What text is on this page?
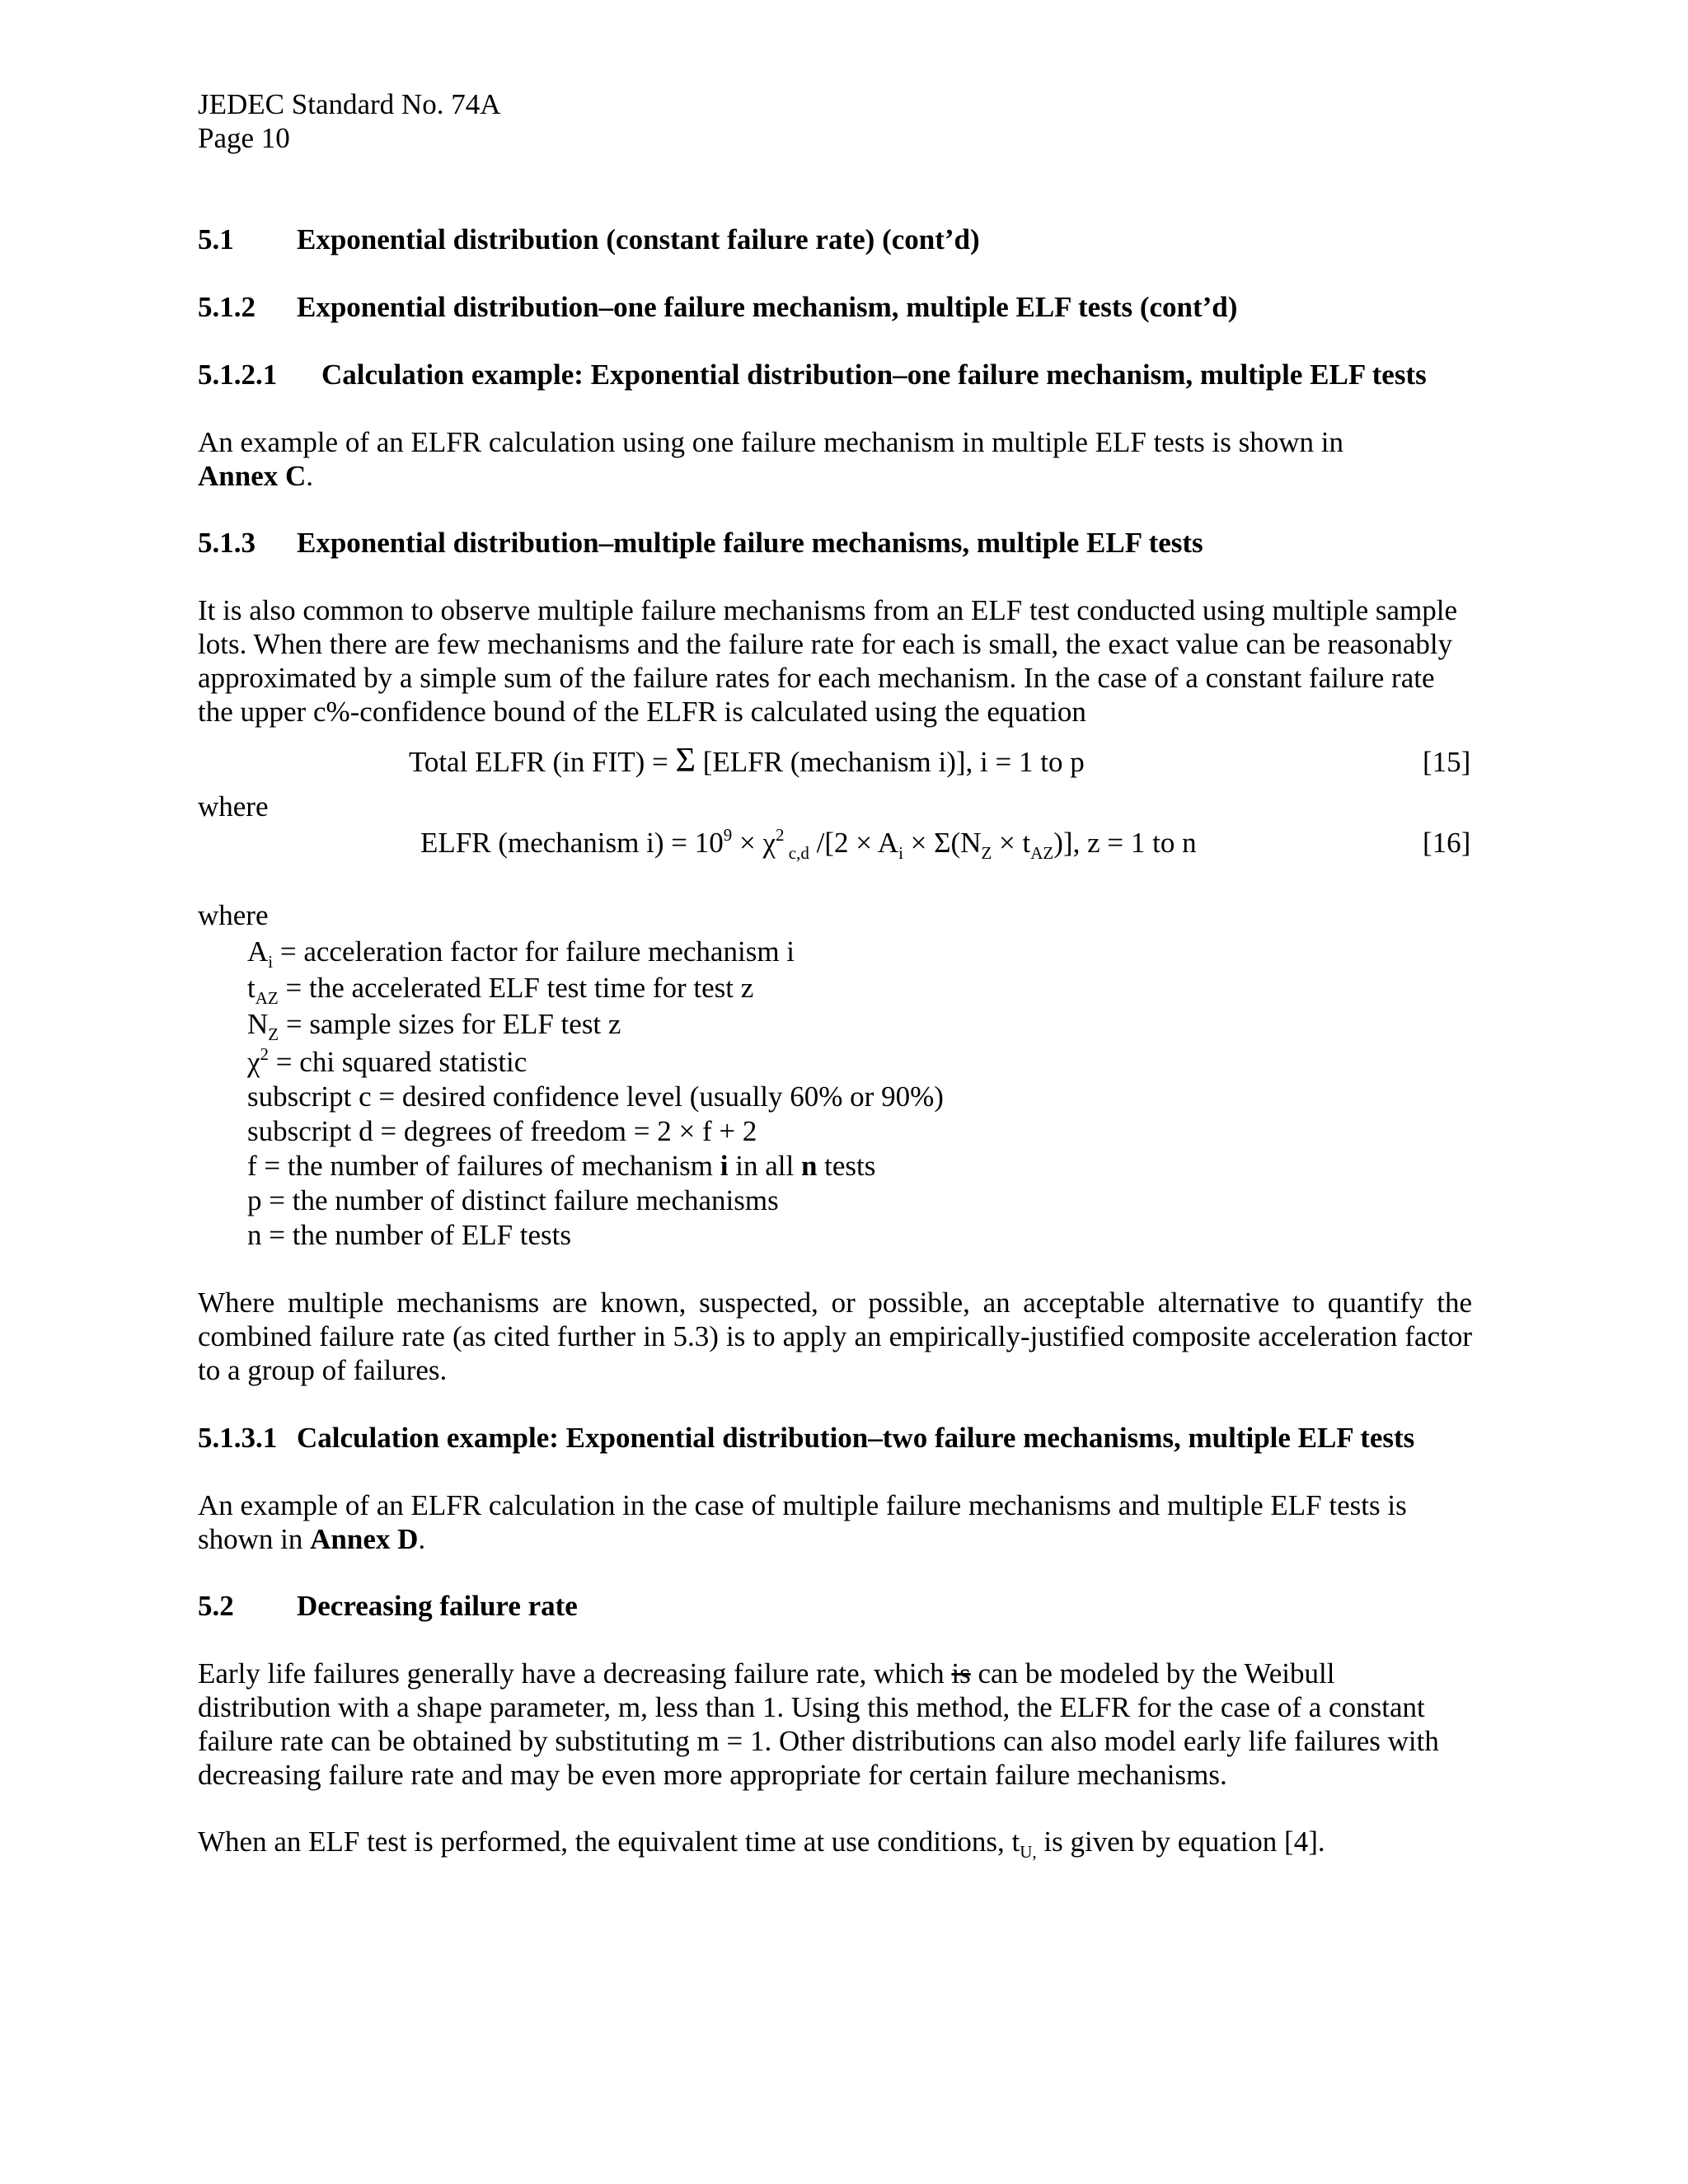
JEDEC Standard No. 74A
Page 10
5.1 Exponential distribution (constant failure rate) (cont’d)
5.1.2 Exponential distribution–one failure mechanism, multiple ELF tests (cont’d)
5.1.2.1 Calculation example: Exponential distribution–one failure mechanism, multiple ELF tests
An example of an ELFR calculation using one failure mechanism in multiple ELF tests is shown in
Annex C.
5.1.3 Exponential distribution–multiple failure mechanisms, multiple ELF tests
It is also common to observe multiple failure mechanisms from an ELF test conducted using multiple sample lots. When there are few mechanisms and the failure rate for each is small, the exact value can be reasonably approximated by a simple sum of the failure rates for each mechanism. In the case of a constant failure rate the upper c%-confidence bound of the ELFR is calculated using the equation
Total ELFR (in FIT) = Σ [ELFR (mechanism i)], i = 1 to p	[15]
where
ELFR (mechanism $i) = 10^9 \times \chi^2$ $_{c,d}$ $/[2 \times A_i \times \Sigma(N_Z \times t_{AZ})]$, z = 1 to n	[16]
where
$A_i$ = acceleration factor for failure mechanism i
$t_{AZ}$ = the accelerated ELF test time for test z
$N_Z$ = sample sizes for ELF test z
$\chi^2$ = chi squared statistic
subscript c = desired confidence level (usually 60% or 90%)
subscript d = degrees of freedom = 2 × f + 2
f = the number of failures of mechanism i in all n tests
p = the number of distinct failure mechanisms
n = the number of ELF tests
Where multiple mechanisms are known, suspected, or possible, an acceptable alternative to quantify the combined failure rate (as cited further in 5.3) is to apply an empirically-justified composite acceleration factor to a group of failures.
5.1.3.1 Calculation example: Exponential distribution–two failure mechanisms, multiple ELF tests
An example of an ELFR calculation in the case of multiple failure mechanisms and multiple ELF tests is shown in Annex D.
5.2 Decreasing failure rate
Early life failures generally have a decreasing failure rate, which is can be modeled by the Weibull distribution with a shape parameter, m, less than 1. Using this method, the ELFR for the case of a constant failure rate can be obtained by substituting m = 1. Other distributions can also model early life failures with decreasing failure rate and may be even more appropriate for certain failure mechanisms.
When an ELF test is performed, the equivalent time at use conditions, $t_{U,}$ is given by equation [4].
